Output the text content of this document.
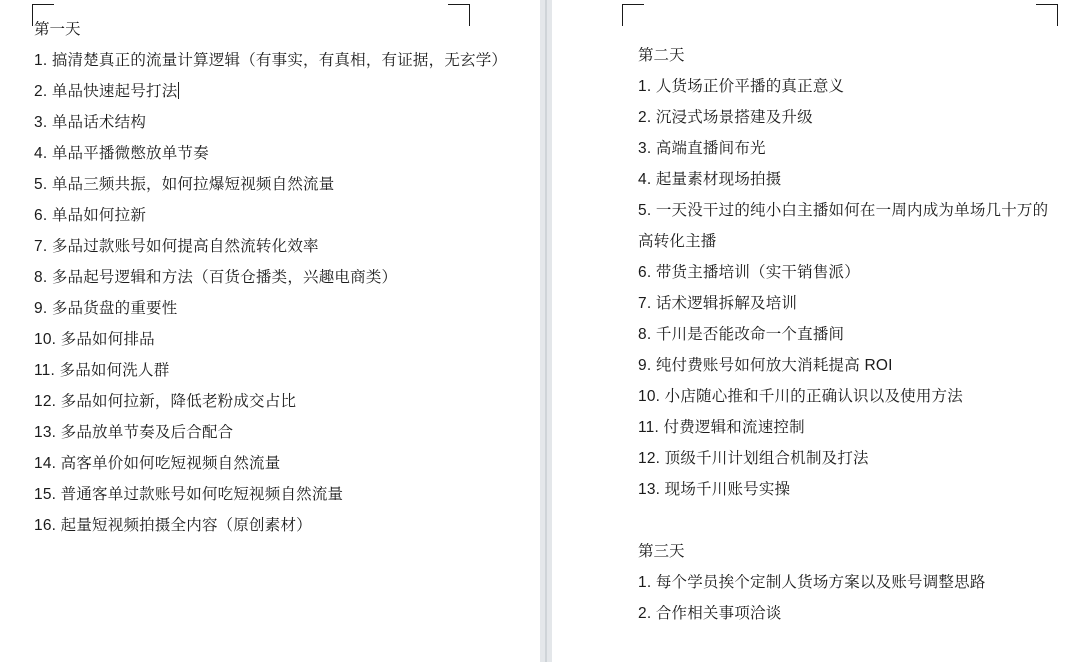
第一天
1. 搞清楚真正的流量计算逻辑（有事实，有真相，有证据，无玄学）
2. 单品快速起号打法
3. 单品话术结构
4. 单品平播微憋放单节奏
5. 单品三频共振，如何拉爆短视频自然流量
6. 单品如何拉新
7. 多品过款账号如何提高自然流转化效率
8. 多品起号逻辑和方法（百货仓播类，兴趣电商类）
9. 多品货盘的重要性
10. 多品如何排品
11. 多品如何洗人群
12. 多品如何拉新，降低老粉成交占比
13. 多品放单节奏及后合配合
14. 高客单价如何吃短视频自然流量
15. 普通客单过款账号如何吃短视频自然流量
16. 起量短视频拍摄全内容（原创素材）
第二天
1. 人货场正价平播的真正意义
2. 沉浸式场景搭建及升级
3. 高端直播间布光
4. 起量素材现场拍摄
5. 一天没干过的纯小白主播如何在一周内成为单场几十万的高转化主播
6. 带货主播培训（实干销售派）
7. 话术逻辑拆解及培训
8. 千川是否能改命一个直播间
9. 纯付费账号如何放大消耗提高 ROI
10. 小店随心推和千川的正确认识以及使用方法
11. 付费逻辑和流速控制
12. 顶级千川计划组合机制及打法
13. 现场千川账号实操
第三天
1. 每个学员挨个定制人货场方案以及账号调整思路
2. 合作相关事项洽谈
